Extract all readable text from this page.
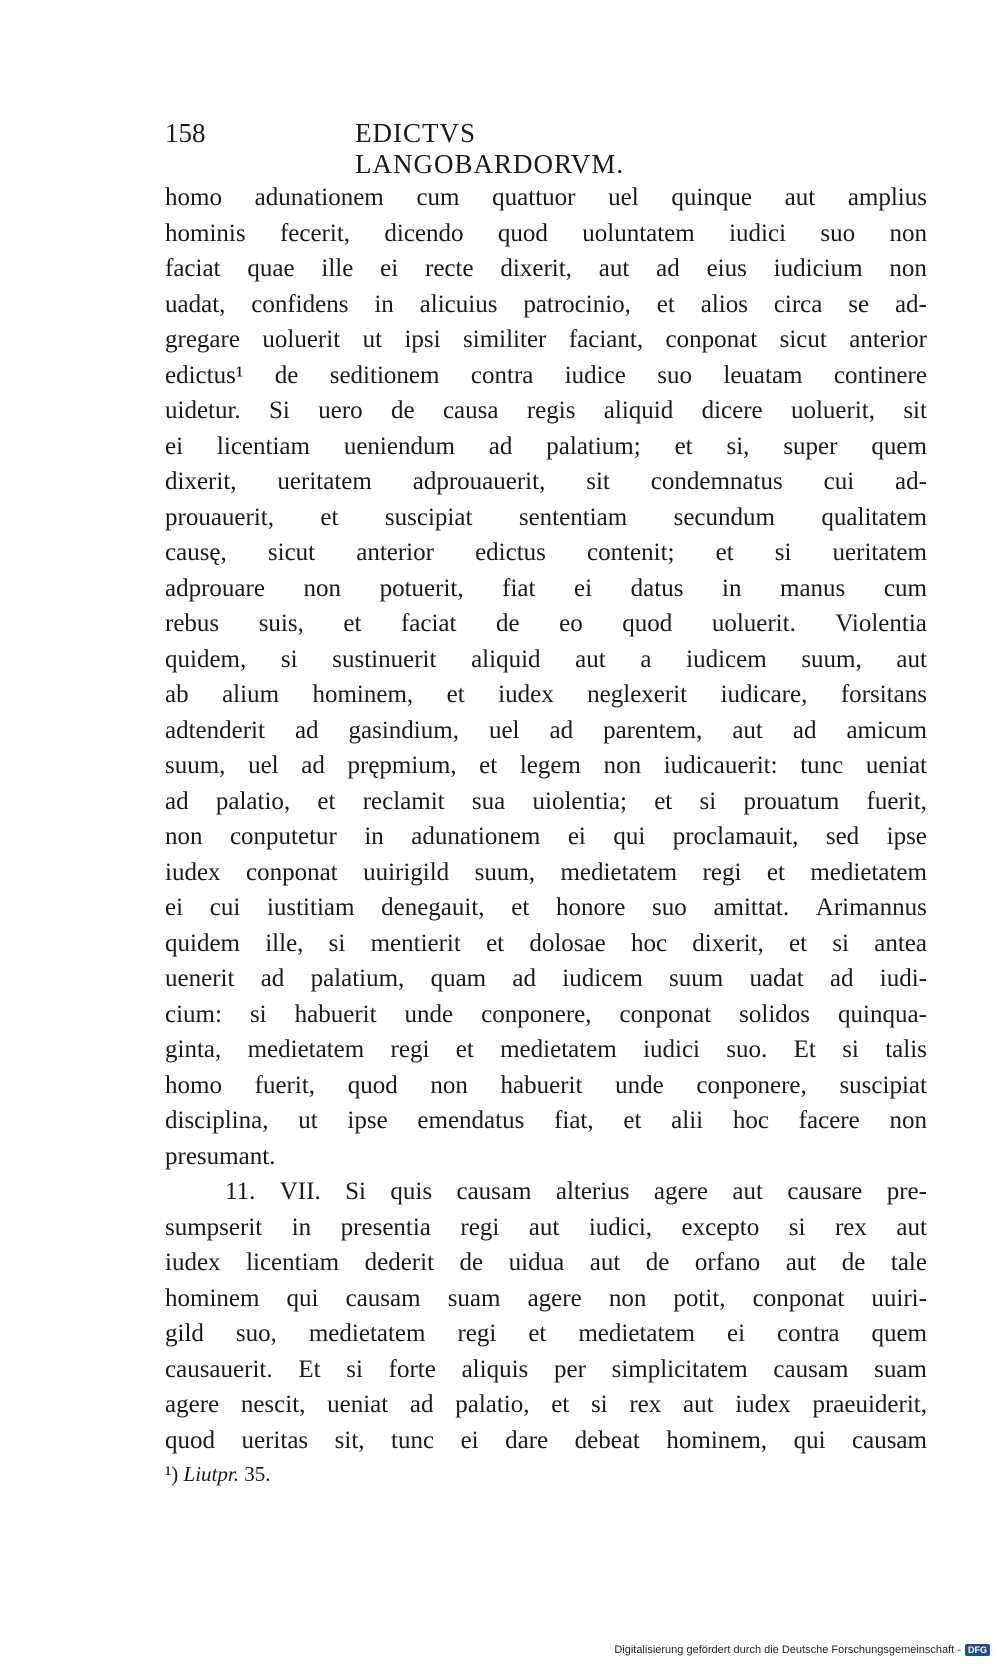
158	EDICTVS LANGOBARDORVM.
homo adunationem cum quattuor uel quinque aut amplius
hominis fecerit, dicendo quod uoluntatem iudici suo non
faciat quae ille ei recte dixerit, aut ad eius iudicium non
uadat, confidens in alicuius patrocinio, et alios circa se ad-
gregare uoluerit ut ipsi similiter faciant, conponat sicut anterior
edictus¹ de seditionem contra iudice suo leuatam continere
uidetur. Si uero de causa regis aliquid dicere uoluerit, sit
ei licentiam ueniendum ad palatium; et si, super quem
dixerit, ueritatem adprouauerit, sit condemnatus cui ad-
prouauerit, et suscipiat sententiam secundum qualitatem
causę, sicut anterior edictus contenit; et si ueritatem
adprouare non potuerit, fiat ei datus in manus cum
rebus suis, et faciat de eo quod uoluerit. Violentia
quidem, si sustinuerit aliquid aut a iudicem suum, aut
ab alium hominem, et iudex neglexerit iudicare, forsitans
adtenderit ad gasindium, uel ad parentem, aut ad amicum
suum, uel ad prępmium, et legem non iudicauerit: tunc ueniat
ad palatio, et reclamit sua uiolentia; et si prouatum fuerit,
non conputetur in adunationem ei qui proclamauit, sed ipse
iudex conponat uuirigild suum, medietatem regi et medietatem
ei cui iustitiam denegauit, et honore suo amittat. Arimannus
quidem ille, si mentierit et dolosae hoc dixerit, et si antea
uenerit ad palatium, quam ad iudicem suum uadat ad iudi-
cium: si habuerit unde conponere, conponat solidos quinqua-
ginta, medietatem regi et medietatem iudici suo. Et si talis
homo fuerit, quod non habuerit unde conponere, suscipiat
disciplina, ut ipse emendatus fiat, et alii hoc facere non
presumant.
11. VII. Si quis causam alterius agere aut causare pre-
sumpserit in presentia regi aut iudici, excepto si rex aut
iudex licentiam dederit de uidua aut de orfano aut de tale
hominem qui causam suam agere non potit, conponat uuiri-
gild suo, medietatem regi et medietatem ei contra quem
causauerit. Et si forte aliquis per simplicitatem causam suam
agere nescit, ueniat ad palatio, et si rex aut iudex praeuiderit,
quod ueritas sit, tunc ei dare debeat hominem, qui causam
¹) Liutpr. 35.
Digitalisierung gefördert durch die Deutsche Forschungsgemeinschaft - DFG
